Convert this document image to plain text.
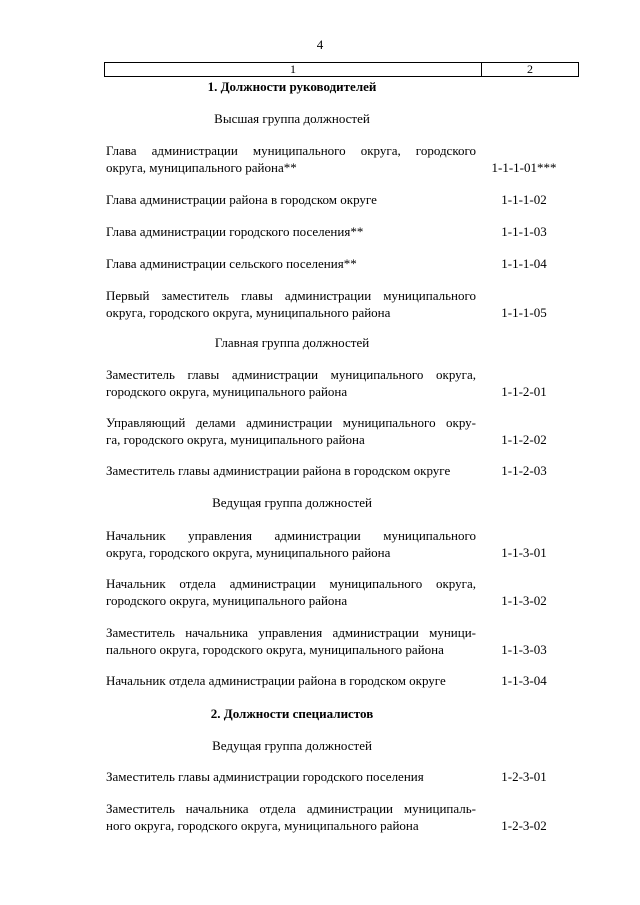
4
1	2
1. Должности руководителей
Высшая группа должностей
Глава администрации муниципального округа, городского
округа, муниципального района**	1-1-1-01***
Глава администрации района в городском округе	1-1-1-02
Глава администрации городского поселения**	1-1-1-03
Глава администрации сельского поселения**	1-1-1-04
Первый заместитель главы администрации муниципального
округа, городского округа, муниципального района	1-1-1-05
Главная группа должностей
Заместитель главы администрации муниципального округа,
городского округа, муниципального района	1-1-2-01
Управляющий делами администрации муниципального окру-
га, городского округа, муниципального района	1-1-2-02
Заместитель главы администрации района в городском округе	1-1-2-03
Ведущая группа должностей
Начальник управления администрации муниципального
округа, городского округа, муниципального района	1-1-3-01
Начальник отдела администрации муниципального округа,
городского округа, муниципального района	1-1-3-02
Заместитель начальника управления администрации муници-
пального округа, городского округа, муниципального района	1-1-3-03
Начальник отдела администрации района в городском округе	1-1-3-04
2. Должности специалистов
Ведущая группа должностей
Заместитель главы администрации городского поселения	1-2-3-01
Заместитель начальника отдела администрации муниципаль-
ного округа, городского округа, муниципального района	1-2-3-02
